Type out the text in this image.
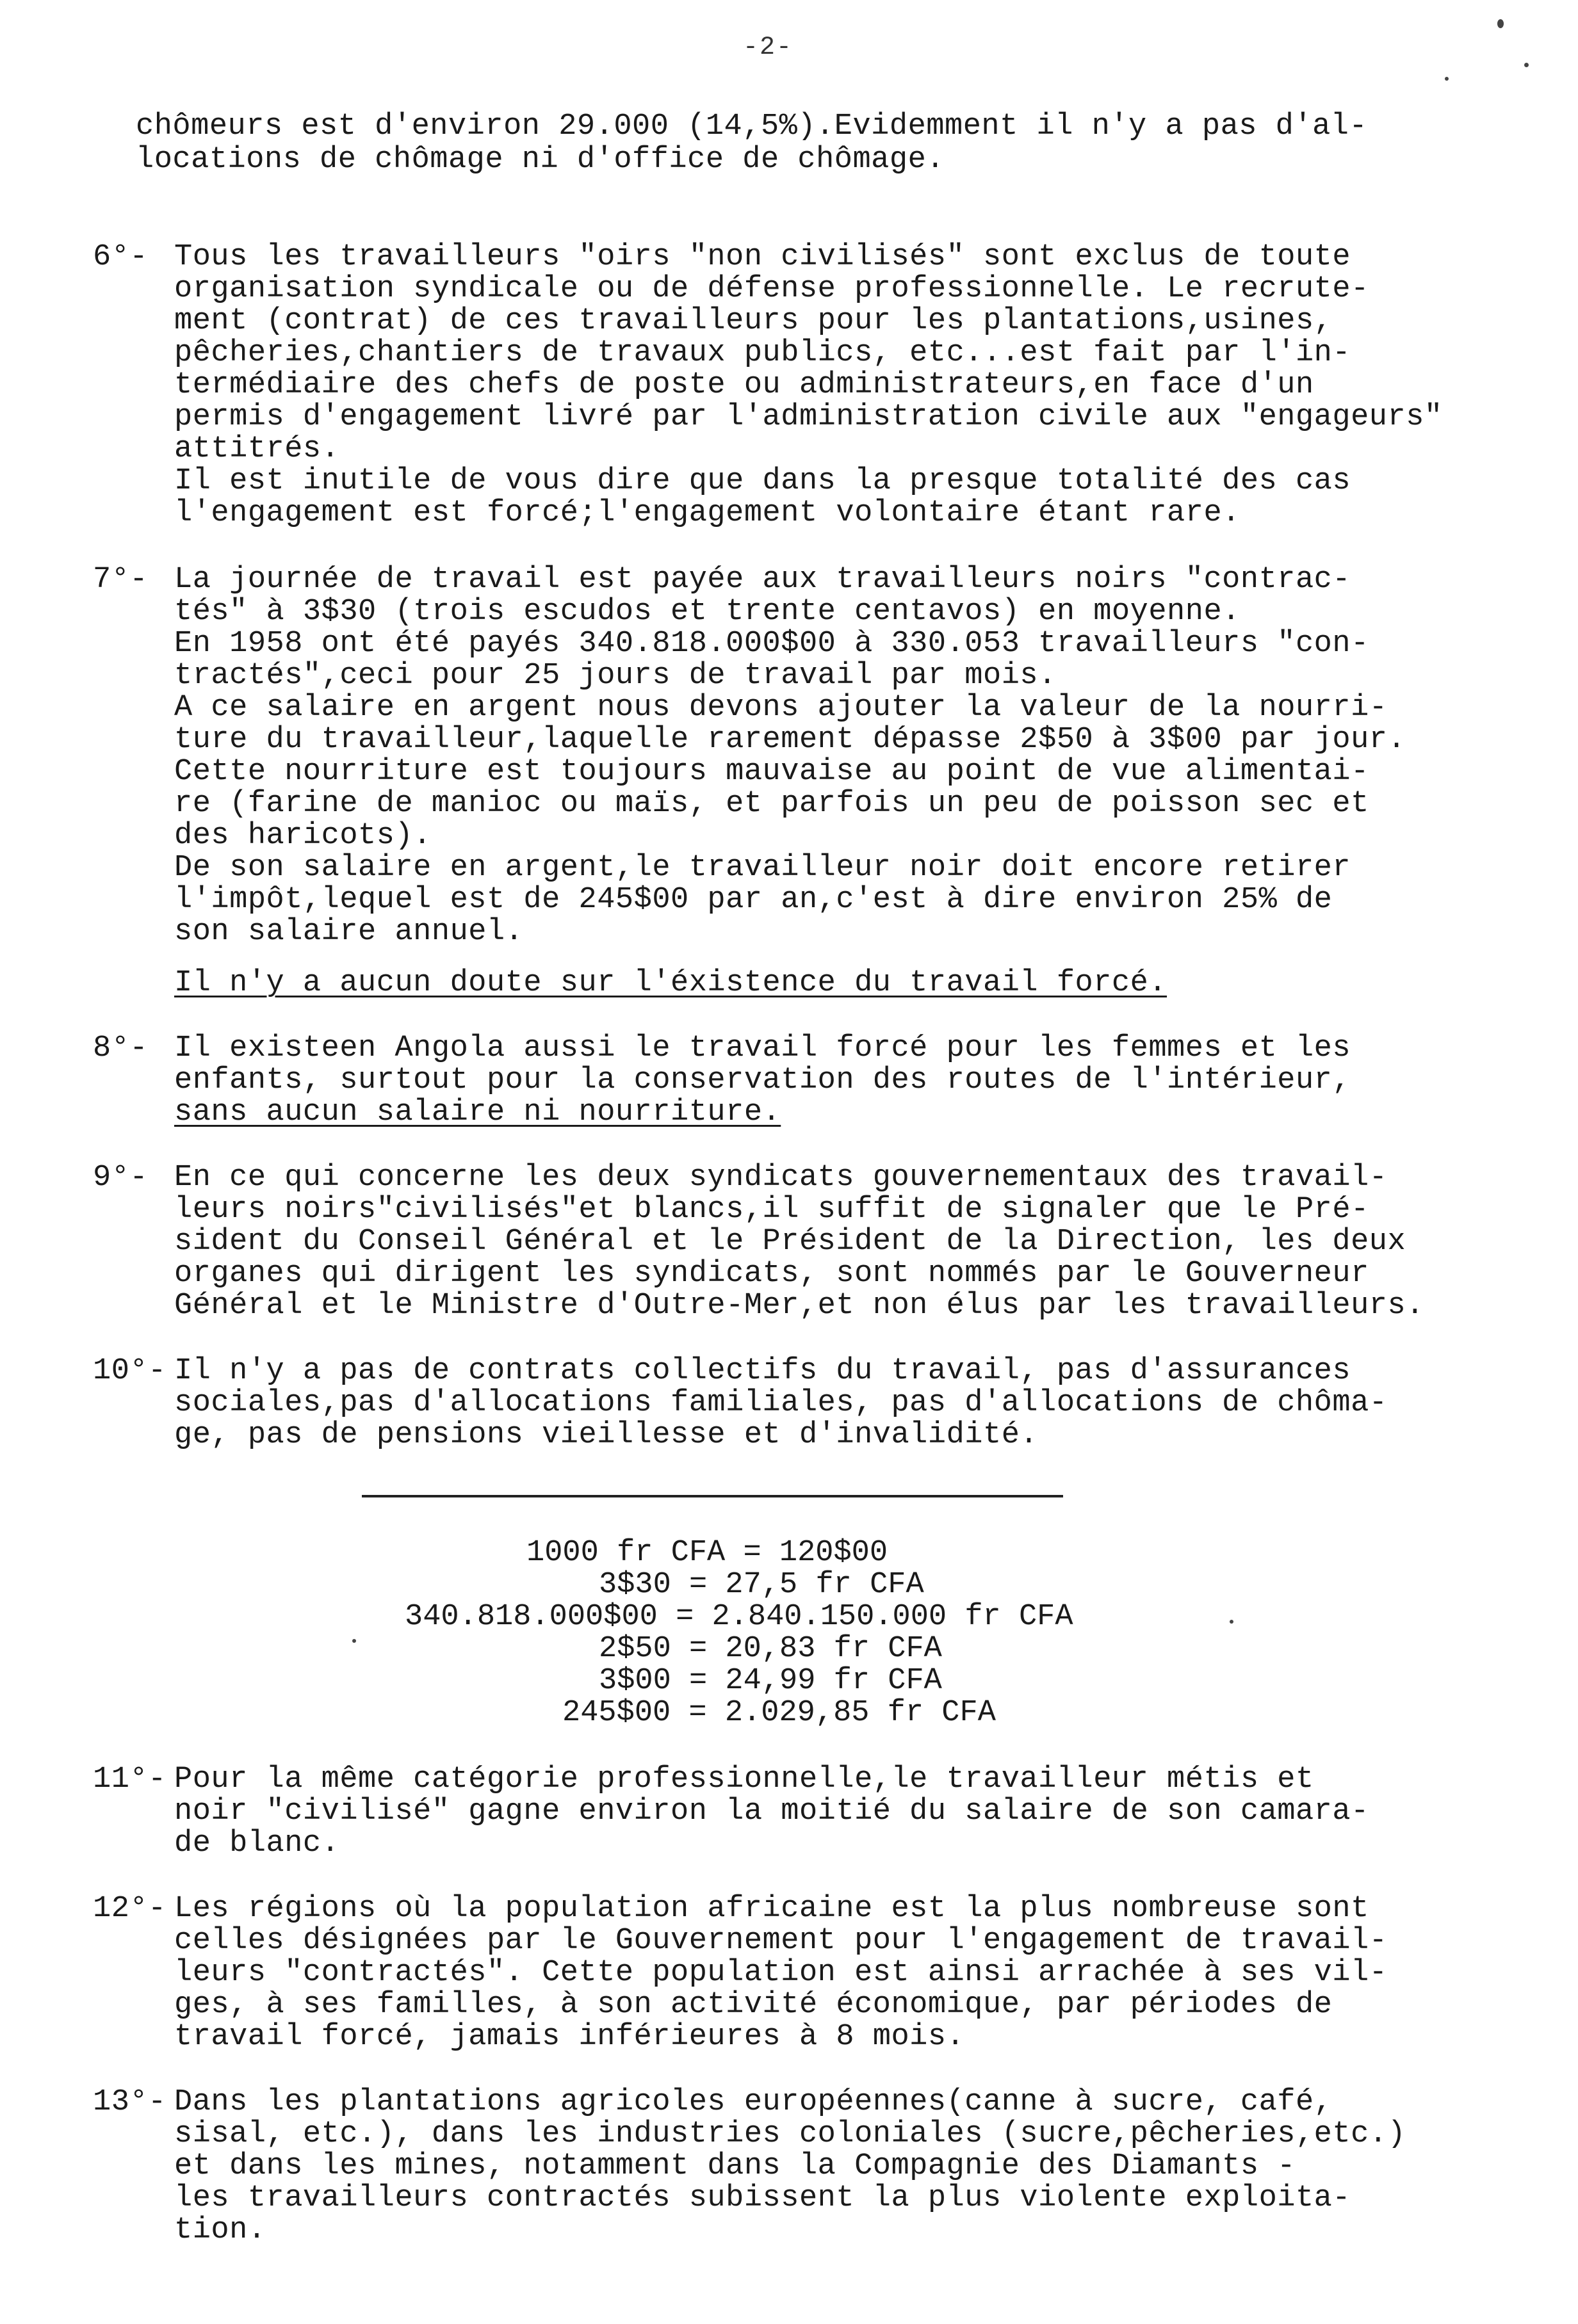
-2-
chômeurs est d'environ 29.000 (14,5%).Evidemment il n'y a pas d'al-
locations de chômage ni d'office de chômage.
6°- Tous les travailleurs "oirs "non civilisés" sont exclus de toute
organisation syndicale ou de défense professionnelle. Le recrute-
ment (contrat) de ces travailleurs pour les plantations,usines,
pêcheries,chantiers de travaux publics, etc...est fait par l'in-
termédiaire des chefs de poste ou administrateurs,en face d'un
permis d'engagement livré par l'administration civile aux "engageurs"
attitrés.
Il est inutile de vous dire que dans la presque totalité des cas
l'engagement est forcé;l'engagement volontaire étant rare.
7°- La journée de travail est payée aux travailleurs noirs "contrac-
tés" à 3$30 (trois escudos et trente centavos) en moyenne.
En 1958 ont été payés 340.818.000$00 à 330.053 travailleurs "con-
tractés",ceci pour 25 jours de travail par mois.
A ce salaire en argent nous devons ajouter la valeur de la nourri-
ture du travailleur,laquelle rarement dépasse 2$50 à 3$00 par jour.
Cette nourriture est toujours mauvaise au point de vue alimentai-
re (farine de manioc ou maïs, et parfois un peu de poisson sec et
des haricots).
De son salaire en argent,le travailleur noir doit encore retirer
l'impôt,lequel est de 245$00 par an,c'est à dire environ 25% de
son salaire annuel.
Il n'y a aucun doute sur l'éxistence du travail forcé.
8°- Il existeen Angola aussi le travail forcé pour les femmes et les
enfants, surtout pour la conservation des routes de l'intérieur,
sans aucun salaire ni nourriture.
9°- En ce qui concerne les deux syndicats gouvernementaux des travail-
leurs noirs"civilisés"et blancs,il suffit de signaler que le Pré-
sident du Conseil Général et le Président de la Direction, les deux
organes qui dirigent les syndicats, sont nommés par le Gouverneur
Général et le Ministre d'Outre-Mer,et non élus par les travailleurs.
10°- Il n'y a pas de contrats collectifs du travail, pas d'assurances
sociales,pas d'allocations familiales, pas d'allocations de chôma-
ge, pas de pensions vieillesse et d'invalidité.
1000 fr CFA = 120$00
3$30 = 27,5 fr CFA
340.818.000$00 = 2.840.150.000 fr CFA
2$50 = 20,83 fr CFA
3$00 = 24,99 fr CFA
245$00 = 2.029,85 fr CFA
11°- Pour la même catégorie professionnelle,le travailleur métis et
noir "civilisé" gagne environ la moitié du salaire de son camara-
de blanc.
12°- Les régions où la population africaine est la plus nombreuse sont
celles désignées par le Gouvernement pour l'engagement de travail-
leurs "contractés". Cette population est ainsi arrachée à ses vil-
ges, à ses familles, à son activité économique, par périodes de
travail forcé, jamais inférieures à 8 mois.
13°- Dans les plantations agricoles européennes(canne à sucre, café,
sisal, etc.), dans les industries coloniales (sucre,pêcheries,etc.)
et dans les mines, notamment dans la Compagnie des Diamants -
les travailleurs contractés subissent la plus violente exploita-
tion.
